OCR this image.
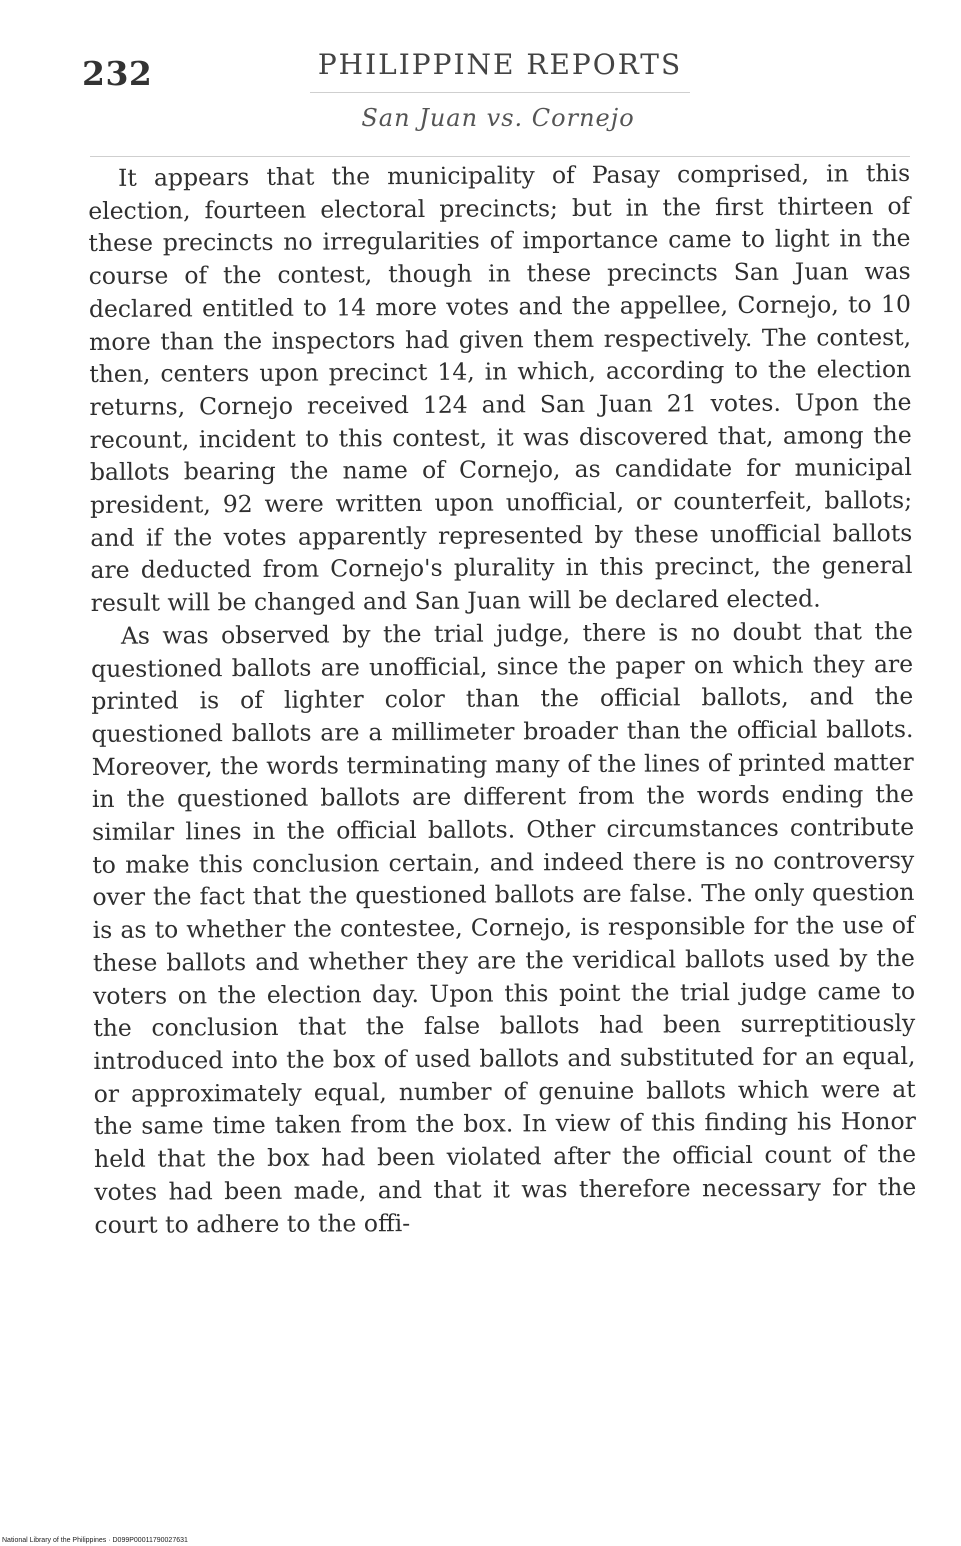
232	PHILIPPINE REPORTS
San Juan vs. Cornejo

It appears that the municipality of Pasay comprised, in this election, fourteen electoral precincts; but in the first thirteen of these precincts no irregularities of importance came to light in the course of the contest, though in these precincts San Juan was declared entitled to 14 more votes and the appellee, Cornejo, to 10 more than the inspectors had given them respectively. The contest, then, centers upon precinct 14, in which, according to the election returns, Cornejo received 124 and San Juan 21 votes. Upon the recount, incident to this contest, it was discovered that, among the ballots bearing the name of Cornejo, as candidate for municipal president, 92 were written upon unofficial, or counterfeit, ballots; and if the votes apparently represented by these unofficial ballots are deducted from Cornejo's plurality in this precinct, the general result will be changed and San Juan will be declared elected.

As was observed by the trial judge, there is no doubt that the questioned ballots are unofficial, since the paper on which they are printed is of lighter color than the official ballots, and the questioned ballots are a millimeter broader than the official ballots. Moreover, the words terminating many of the lines of printed matter in the questioned ballots are different from the words ending the similar lines in the official ballots. Other circumstances contribute to make this conclusion certain, and indeed there is no controversy over the fact that the questioned ballots are false. The only question is as to whether the contestee, Cornejo, is responsible for the use of these ballots and whether they are the veridical ballots used by the voters on the election day. Upon this point the trial judge came to the conclusion that the false ballots had been surreptitiously introduced into the box of used ballots and substituted for an equal, or approximately equal, number of genuine ballots which were at the same time taken from the box. In view of this finding his Honor held that the box had been violated after the official count of the votes had been made, and that it was therefore necessary for the court to adhere to the offi-

National Library of the Philippines · D099P00011790027631
